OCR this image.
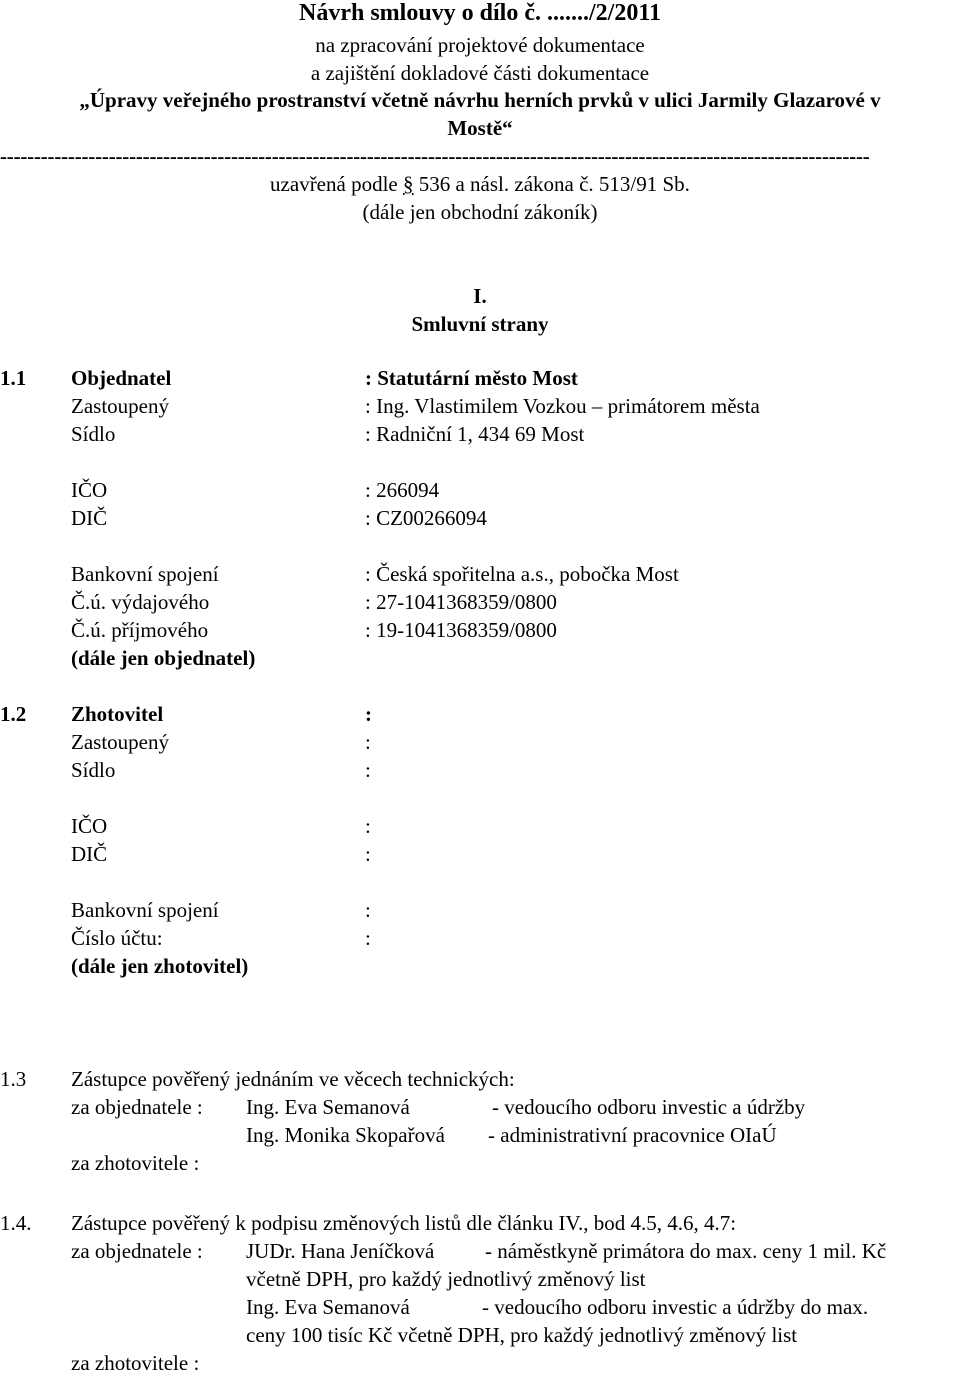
Návrh smlouvy o dílo č. ......./2/2011
na zpracování projektové dokumentace
a zajištění dokladové části dokumentace
„Úpravy veřejného prostranství včetně návrhu herních prvků v ulici Jarmily Glazarové v
Mostě“
--------------------------------------------------------------------------------------------------------------------------------
uzavřená podle § 536 a násl. zákona č. 513/91 Sb.
(dále jen obchodní zákoník)
I.
Smluvní strany
1.1 Objednatel	: Statutární město Most
Zastoupený	: Ing. Vlastimilem Vozkou – primátorem města
Sídlo	: Radniční 1, 434 69 Most
IČO	: 266094
DIČ	: CZ00266094
Bankovní spojení	: Česká spořitelna a.s., pobočka Most
Č.ú. výdajového	: 27-1041368359/0800
Č.ú. příjmového	: 19-1041368359/0800
(dále jen objednatel)
1.2 Zhotovitel	:
Zastoupený	:
Sídlo	:
IČO	:
DIČ	:
Bankovní spojení	:
Číslo účtu:	:
(dále jen zhotovitel)
1.3 Zástupce pověřený jednáním ve věcech technických:
za objednatele : Ing. Eva Semanová	- vedoucího odboru investic a údržby
Ing. Monika Skopařová - administrativní pracovnice OIaÚ
za zhotovitele :
1.4. Zástupce pověřený k podpisu změnových listů dle článku IV., bod 4.5, 4.6, 4.7:
za objednatele : JUDr. Hana Jeníčková - náměstkyně primátora do max. ceny 1 mil. Kč
včetně DPH, pro každý jednotlivý změnový list
Ing. Eva Semanová	- vedoucího odboru investic a údržby do max.
ceny 100 tisíc Kč včetně DPH, pro každý jednotlivý změnový list
za zhotovitele :
